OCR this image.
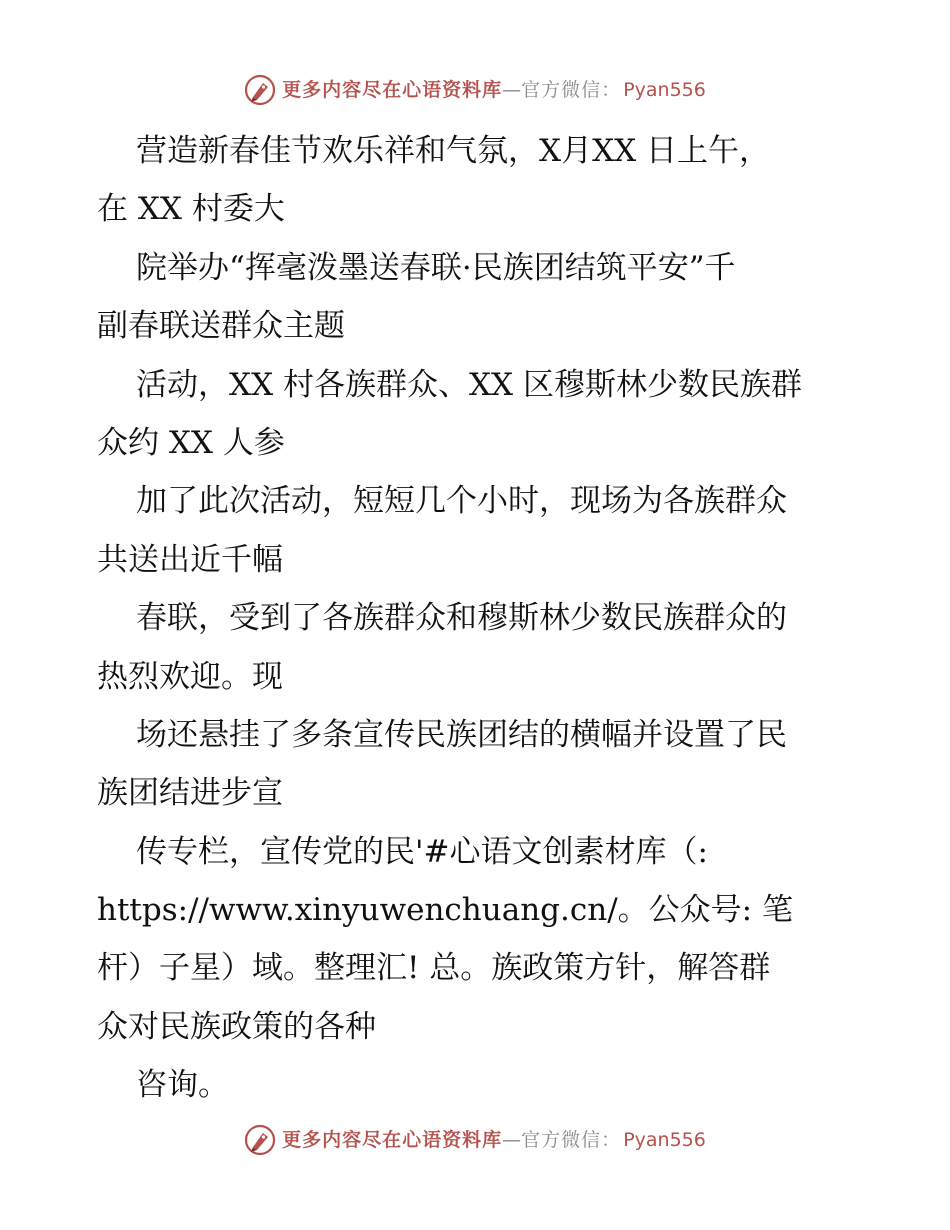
更多内容尽在心语资料库 — 官方微信： Pyan556
营造新春佳节欢乐祥和气氛，X月XX 日上午，
在 XX 村委大
院举办“挥毫泼墨送春联·民族团结筑平安”千
副春联送群众主题
活动，XX 村各族群众、XX 区穆斯林少数民族群
众约 XX 人参
加了此次活动，短短几个小时，现场为各族群众
共送出近千幅
春联，受到了各族群众和穆斯林少数民族群众的
热烈欢迎。现
场还悬挂了多条宣传民族团结的横幅并设置了民
族团结进步宣
传专栏，宣传党的民'#心语文创素材库（:
https://www.xinyuwenchuang.cn/。公众号: 笔
杆）子星）域。整理汇! 总。族政策方针，解答群
众对民族政策的各种
咨询。
更多内容尽在心语资料库 — 官方微信： Pyan556
